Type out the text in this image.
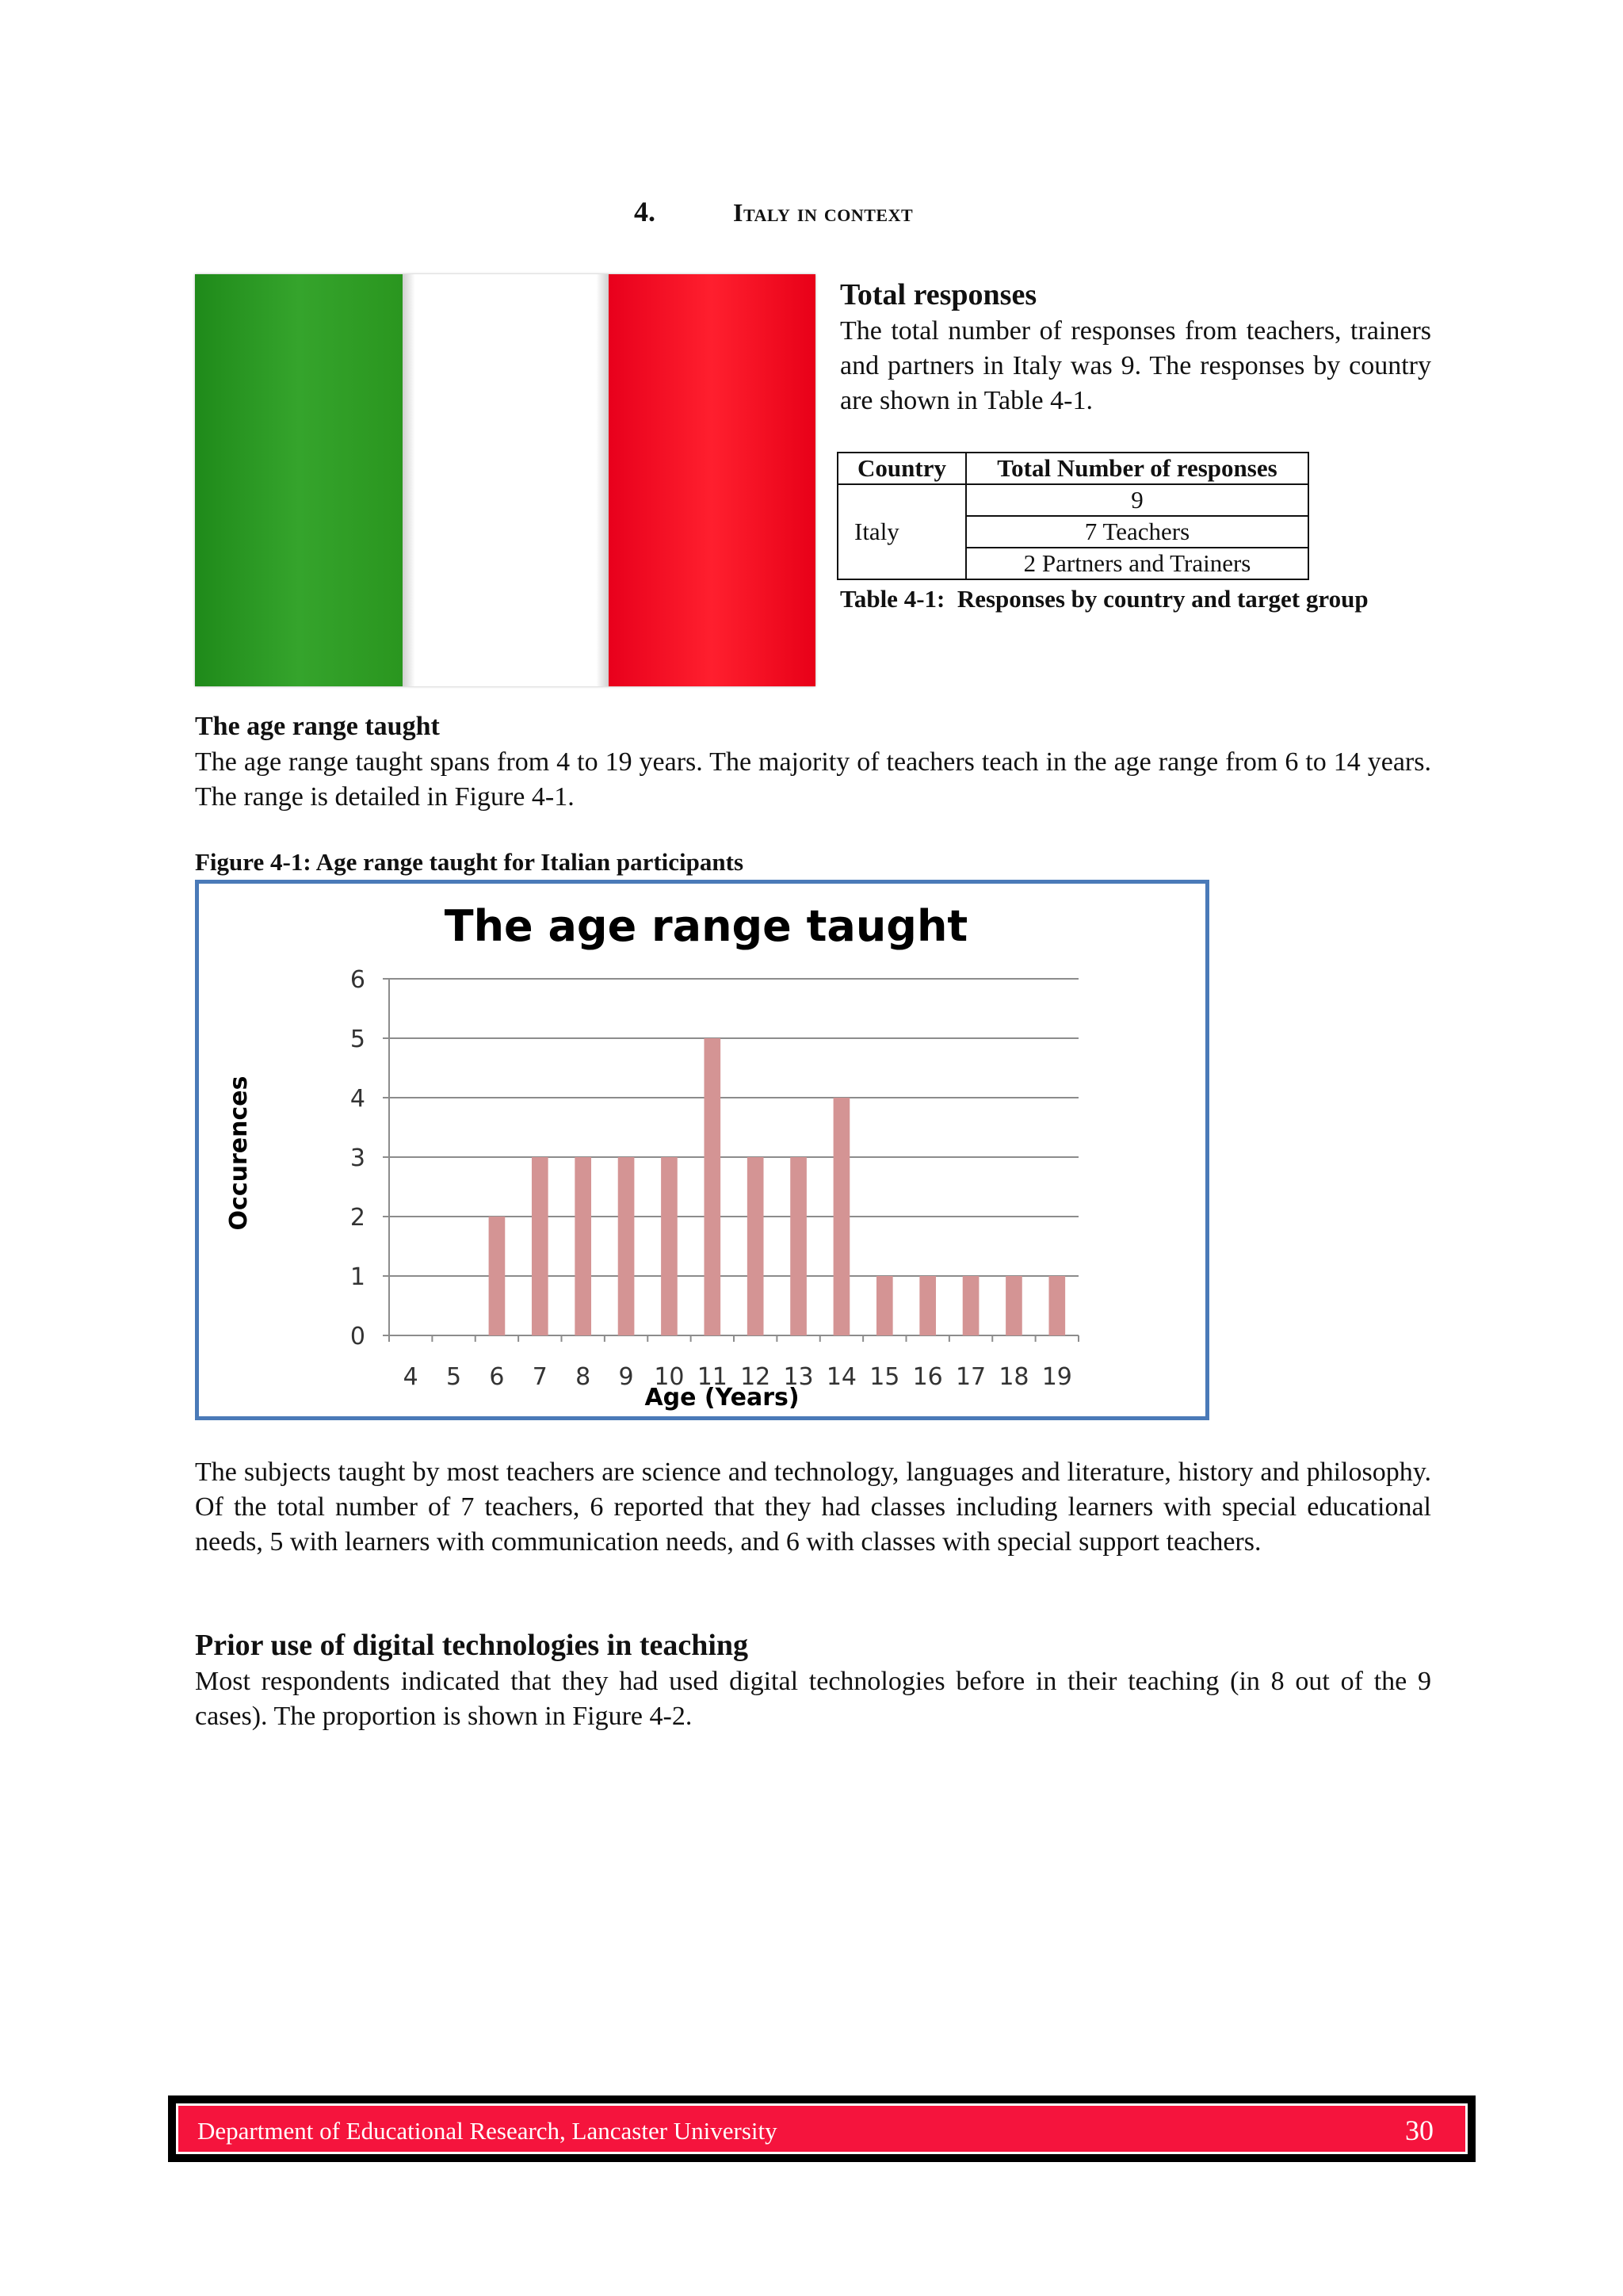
4.	Italy in context
Total responses
The total number of responses from teachers, trainers and partners in Italy was 9. The responses by country are shown in Table 4-1.
Country	Total Number of responses
	9
Italy	7 Teachers
	2 Partners and Trainers
Table 4-1:  Responses by country and target group
The age range taught
The age range taught spans from 4 to 19 years. The majority of teachers teach in the age range from 6 to 14 years. The range is detailed in Figure 4-1.
Figure 4-1: Age range taught for Italian participants
The age range taught
0
1
2
3
4
5
6
4 5 6 7 8 9 10 11 12 13 14 15 16 17 18 19
Occurences
Age (Years)
The subjects taught by most teachers are science and technology, languages and literature, history and philosophy. Of the total number of 7 teachers, 6 reported that they had classes including learners with special educational needs, 5 with learners with communication needs, and 6 with classes with special support teachers.
Prior use of digital technologies in teaching
Most respondents indicated that they had used digital technologies before in their teaching (in 8 out of the 9 cases). The proportion is shown in Figure 4-2.
Department of Educational Research, Lancaster University	30
